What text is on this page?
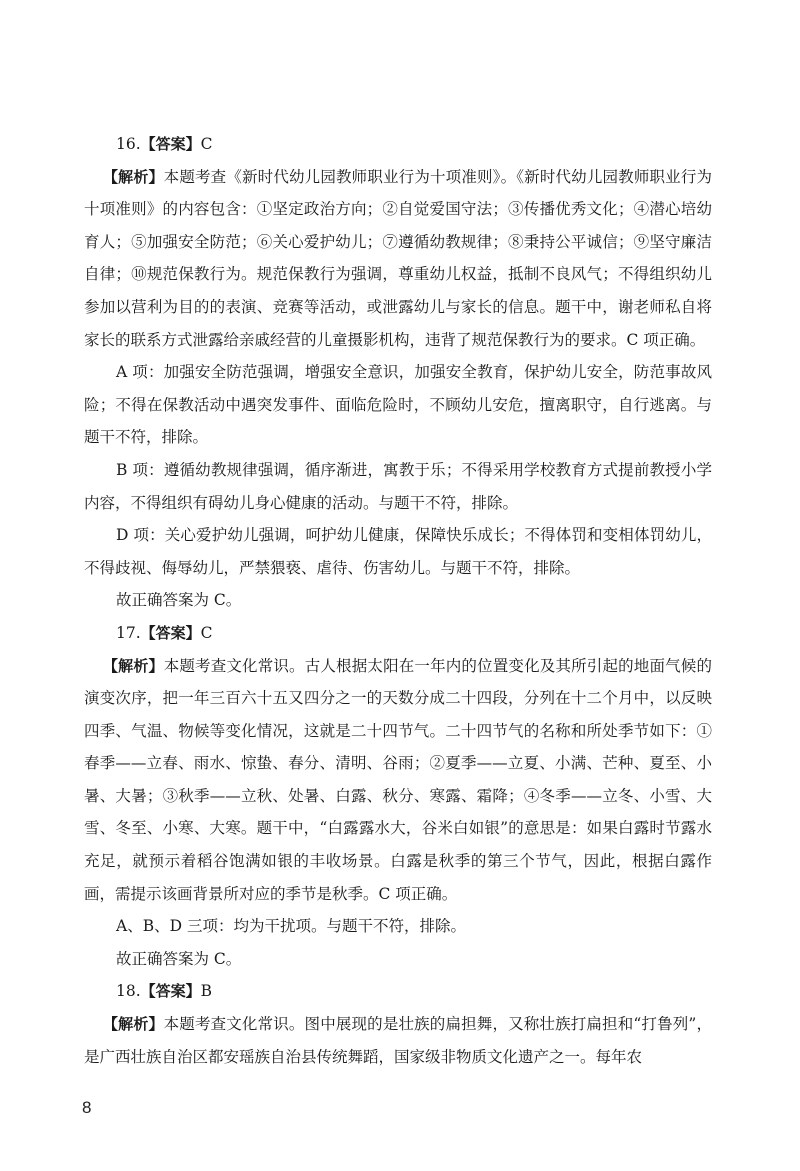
16.【答案】C

【解析】本题考查《新时代幼儿园教师职业行为十项准则》。《新时代幼儿园教师职业行为十项准则》的内容包含：①坚定政治方向；②自觉爱国守法；③传播优秀文化；④潜心培幼育人；⑤加强安全防范；⑥关心爱护幼儿；⑦遵循幼教规律；⑧秉持公平诚信；⑨坚守廉洁自律；⑩规范保教行为。规范保教行为强调，尊重幼儿权益，抵制不良风气；不得组织幼儿参加以营利为目的的表演、竞赛等活动，或泄露幼儿与家长的信息。题干中，谢老师私自将家长的联系方式泄露给亲戚经营的儿童摄影机构，违背了规范保教行为的要求。C 项正确。

A 项：加强安全防范强调，增强安全意识，加强安全教育，保护幼儿安全，防范事故风险；不得在保教活动中遇突发事件、面临危险时，不顾幼儿安危，擅离职守，自行逃离。与题干不符，排除。

B 项：遵循幼教规律强调，循序渐进，寓教于乐；不得采用学校教育方式提前教授小学内容，不得组织有碍幼儿身心健康的活动。与题干不符，排除。

D 项：关心爱护幼儿强调，呵护幼儿健康，保障快乐成长；不得体罚和变相体罚幼儿，不得歧视、侮辱幼儿，严禁猥亵、虐待、伤害幼儿。与题干不符，排除。

故正确答案为 C。

17.【答案】C

【解析】本题考查文化常识。古人根据太阳在一年内的位置变化及其所引起的地面气候的演变次序，把一年三百六十五又四分之一的天数分成二十四段，分列在十二个月中，以反映四季、气温、物候等变化情况，这就是二十四节气。二十四节气的名称和所处季节如下：①春季——立春、雨水、惊蛰、春分、清明、谷雨；②夏季——立夏、小满、芒种、夏至、小暑、大暑；③秋季——立秋、处暑、白露、秋分、寒露、霜降；④冬季——立冬、小雪、大雪、冬至、小寒、大寒。题干中，“白露露水大，谷米白如银”的意思是：如果白露时节露水充足，就预示着稻谷饱满如银的丰收场景。白露是秋季的第三个节气，因此，根据白露作画，需提示该画背景所对应的季节是秋季。C 项正确。

A、B、D 三项：均为干扰项。与题干不符，排除。

故正确答案为 C。

18.【答案】B

【解析】本题考查文化常识。图中展现的是壮族的扁担舞，又称壮族打扁担和“打鲁列”，是广西壮族自治区都安瑶族自治县传统舞蹈，国家级非物质文化遗产之一。每年农

8
